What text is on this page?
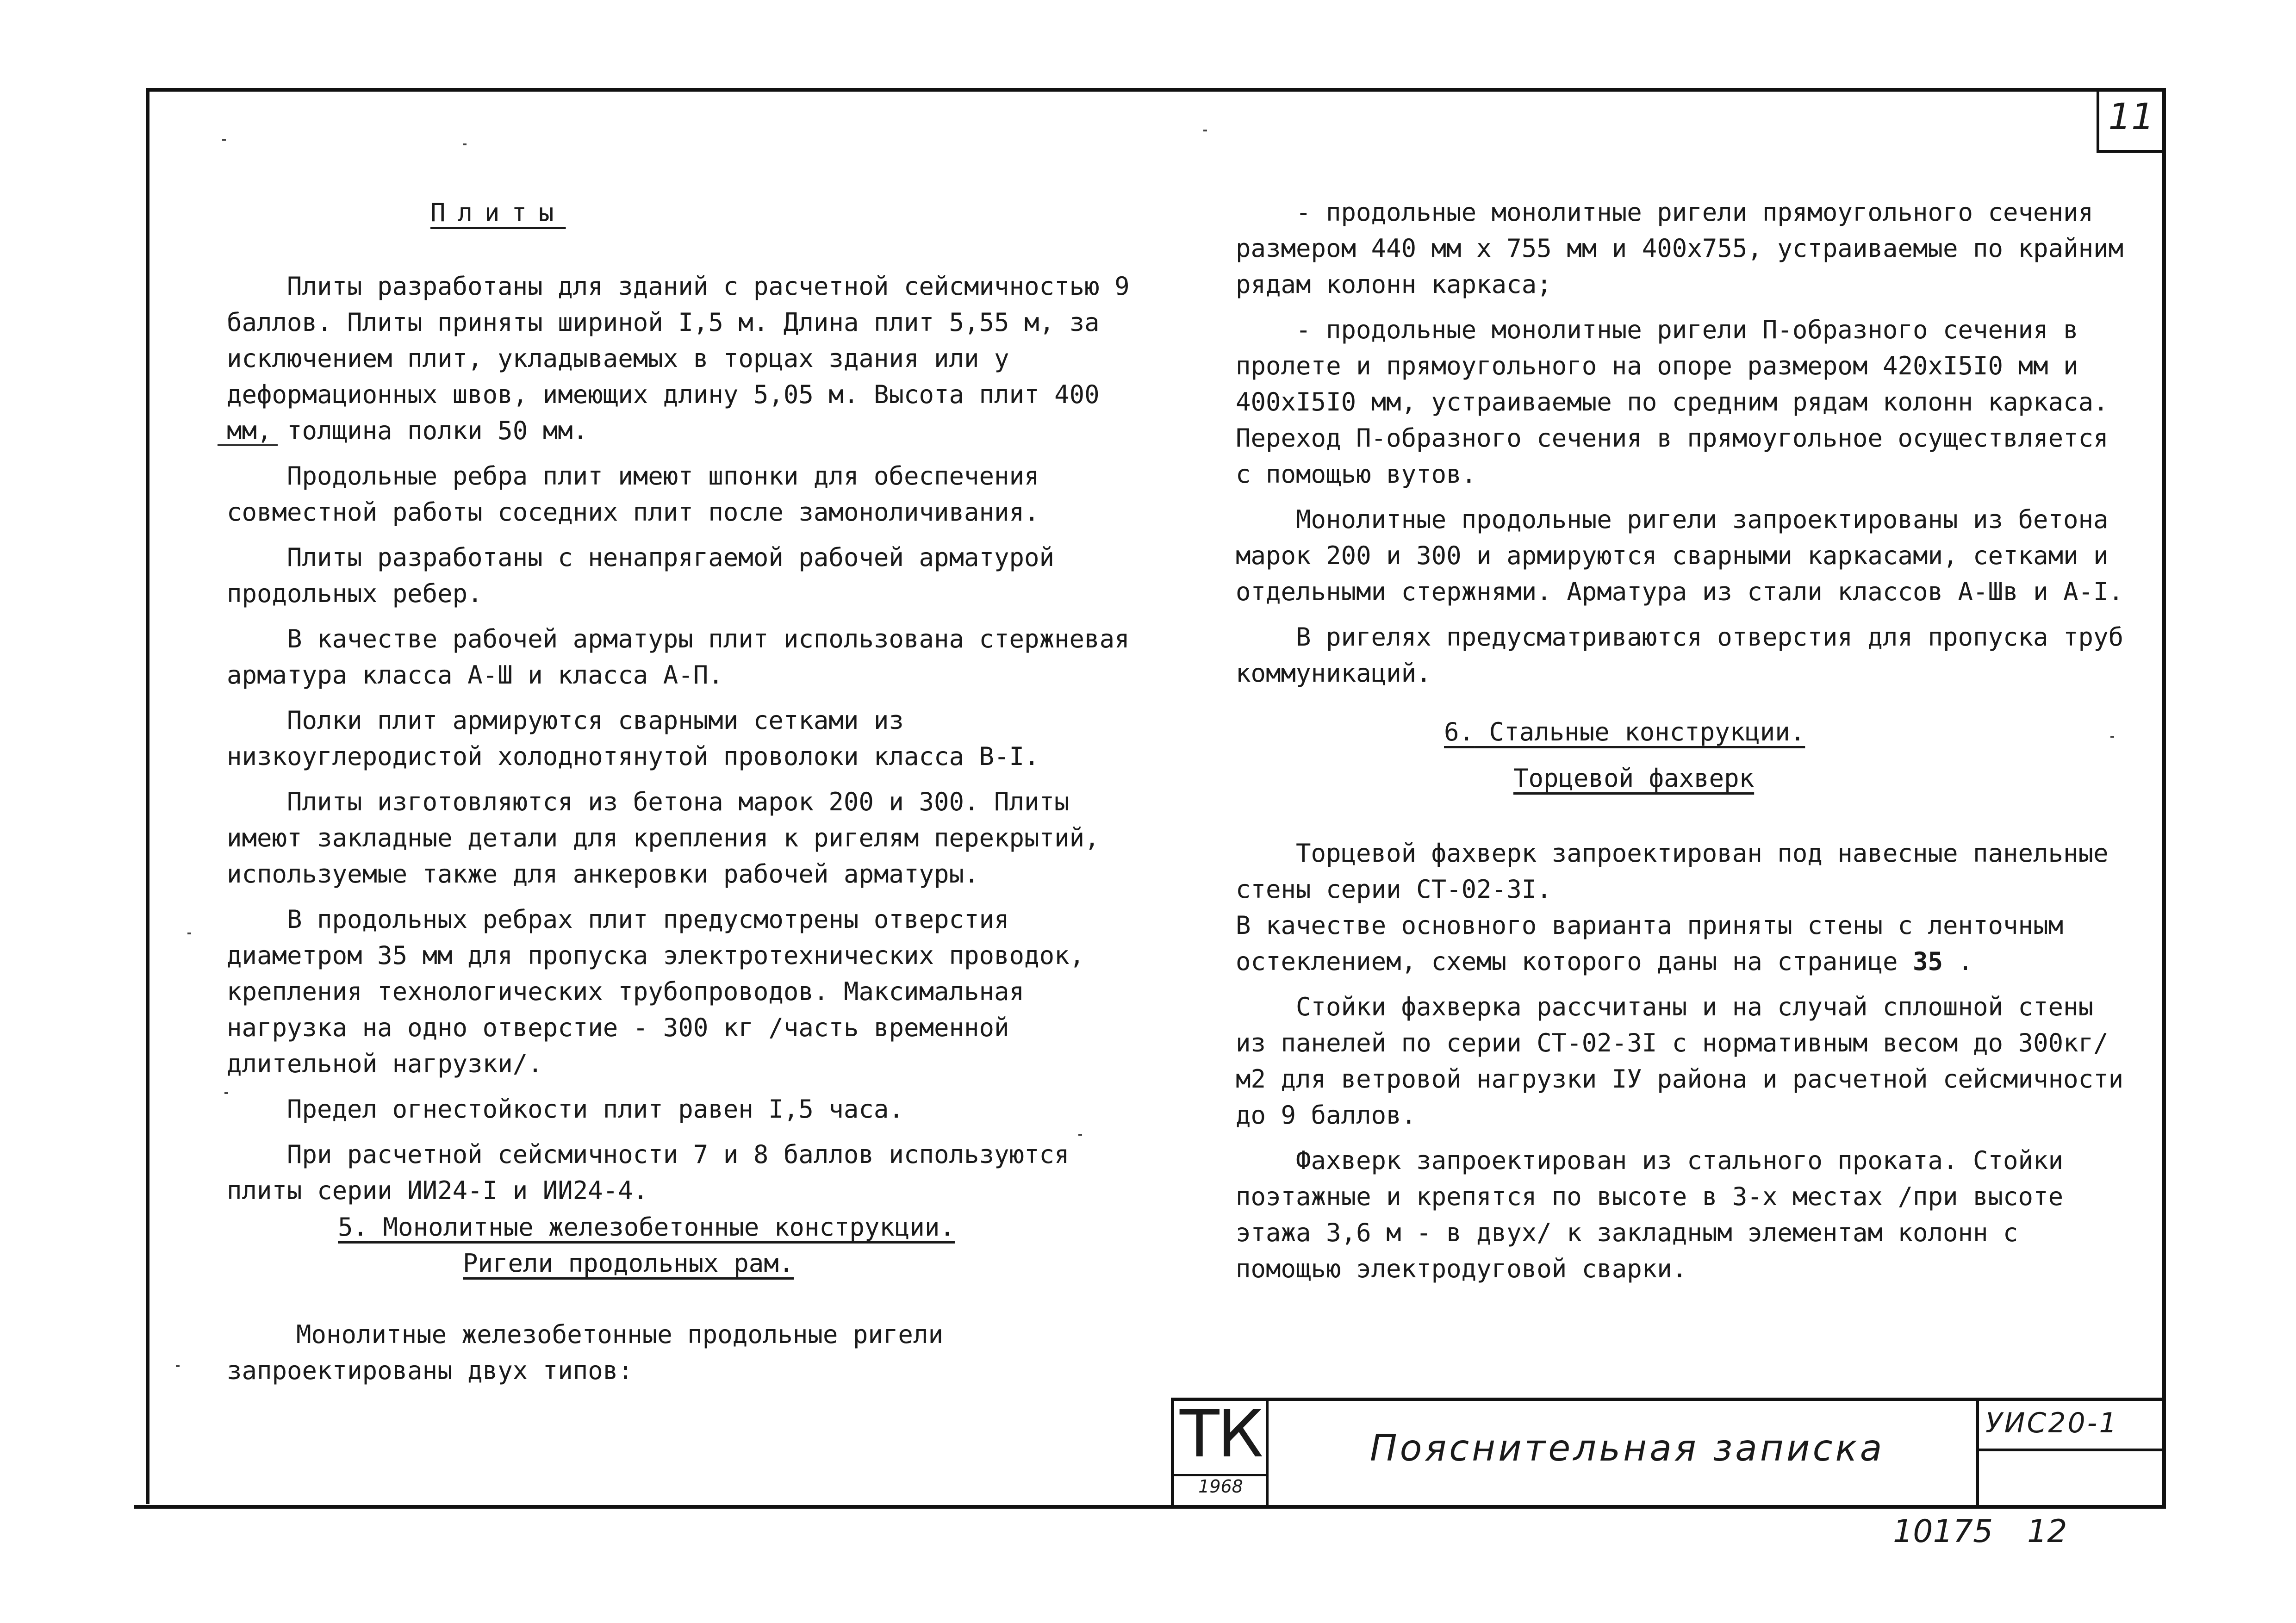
11
Плиты

Плиты разработаны для зданий с расчетной сейсмичностью 9 баллов. Плиты приняты шириной I,5 м. Длина плит 5,55 м, за исключением плит, укладываемых в торцах здания или у деформационных швов, имеющих длину 5,05 м. Высота плит 400 мм, толщина полки 50 мм.

Продольные ребра плит имеют шпонки для обеспечения совместной работы соседних плит после замоноличивания.

Плиты разработаны с ненапрягаемой рабочей арматурой продольных ребер.

В качестве рабочей арматуры плит использована стержневая арматура класса А-Ш и класса А-П.

Полки плит армируются сварными сетками из низкоуглеродистой холоднотянутой проволоки класса В-I.

Плиты изготовляются из бетона марок 200 и 300. Плиты имеют закладные детали для крепления к ригелям перекрытий, используемые также для анкеровки рабочей арматуры.

В продольных ребрах плит предусмотрены отверстия диаметром 35 мм для пропуска электротехнических проводок, крепления технологических трубопроводов. Максимальная нагрузка на одно отверстие - 300 кг /часть временной длительной нагрузки/.

Предел огнестойкости плит равен I,5 часа.

При расчетной сейсмичности 7 и 8 баллов используются плиты серии ИИ24-I и ИИ24-4.

5. Монолитные железобетонные конструкции.
Ригели продольных рам.

Монолитные железобетонные продольные ригели запроектированы двух типов:

- продольные монолитные ригели прямоугольного сечения размером 440 мм х 755 мм и 400х755, устраиваемые по крайним рядам колонн каркаса;

- продольные монолитные ригели П-образного сечения в пролете и прямоугольного на опоре размером 420хI5I0 мм и 400хI5I0 мм, устраиваемые по средним рядам колонн каркаса. Переход П-образного сечения в прямоугольное осуществляется с помощью вутов.

Монолитные продольные ригели запроектированы из бетона марок 200 и 300 и армируются сварными каркасами, сетками и отдельными стержнями. Арматура из стали классов А-Шв и А-I.

В ригелях предусматриваются отверстия для пропуска труб коммуникаций.

6. Стальные конструкции.
Торцевой фахверк

Торцевой фахверк запроектирован под навесные панельные стены серии СТ-02-3I.

В качестве основного варианта приняты стены с ленточным остеклением, схемы которого даны на странице 35 .

Стойки фахверка рассчитаны и на случай сплошной стены из панелей по серии СТ-02-3I с нормативным весом до 300кг/м2 для ветровой нагрузки IУ района и расчетной сейсмичности до 9 баллов.

Фахверк запроектирован из стального проката. Стойки поэтажные и крепятся по высоте в 3-х местах /при высоте этажа 3,6 м - в двух/ к закладным элементам колонн с помощью электродуговой сварки.

ТК
1968
Пояснительная записка
УИС20-1
10175 12
